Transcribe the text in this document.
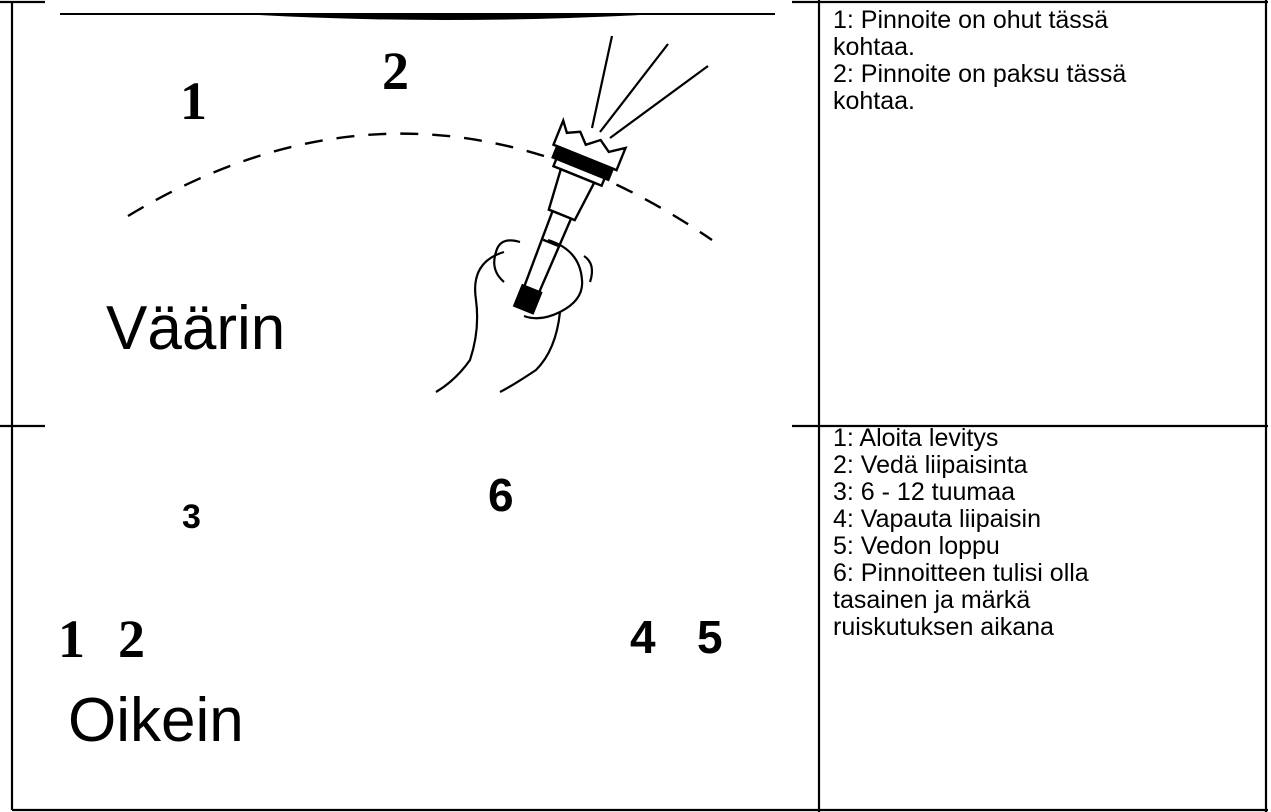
1	2
Väärin
1: Pinnoite on ohut tässä
kohtaa.
2: Pinnoite on paksu tässä
kohtaa.
6
3
1 2	4 5
Oikein
1: Aloita levitys
2: Vedä liipaisinta
3: 6 - 12 tuumaa
4: Vapauta liipaisin
5: Vedon loppu
6: Pinnoitteen tulisi olla
tasainen ja märkä
ruiskutuksen aikana
